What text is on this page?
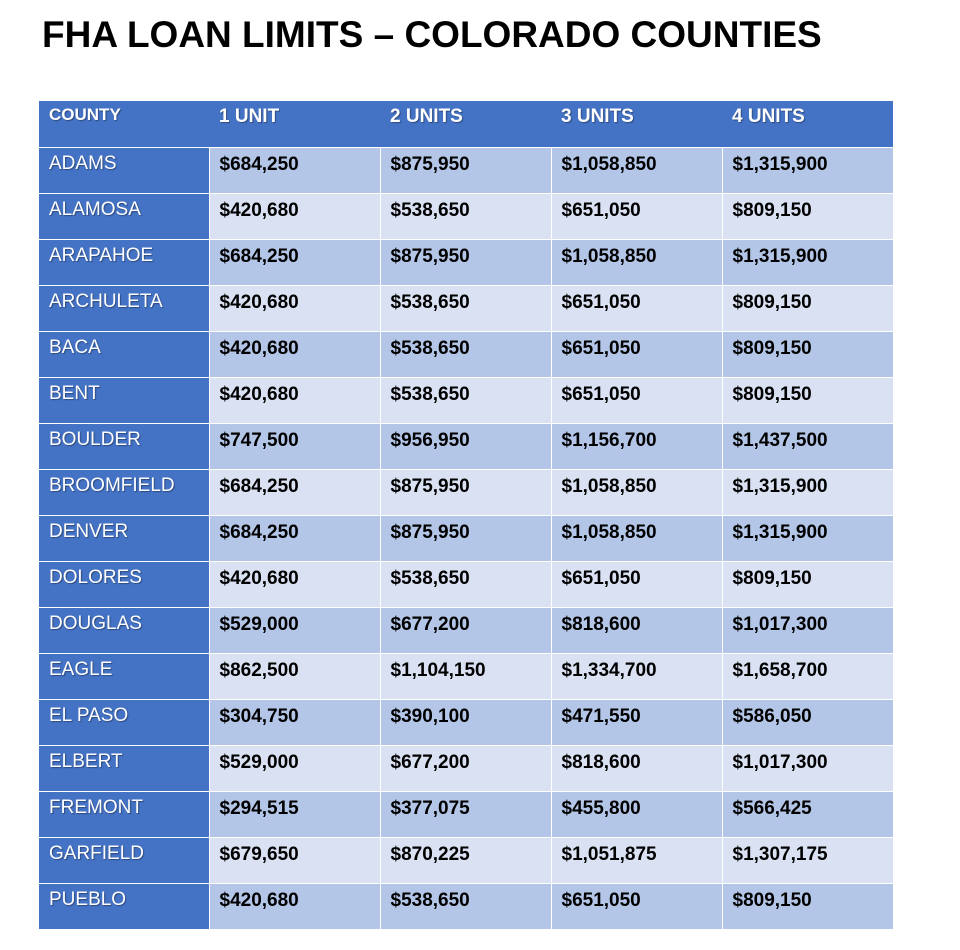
FHA LOAN LIMITS – COLORADO COUNTIES
COUNTY	1 UNIT	2 UNITS	3 UNITS	4 UNITS
ADAMS	$684,250	$875,950	$1,058,850	$1,315,900
ALAMOSA	$420,680	$538,650	$651,050	$809,150
ARAPAHOE	$684,250	$875,950	$1,058,850	$1,315,900
ARCHULETA	$420,680	$538,650	$651,050	$809,150
BACA	$420,680	$538,650	$651,050	$809,150
BENT	$420,680	$538,650	$651,050	$809,150
BOULDER	$747,500	$956,950	$1,156,700	$1,437,500
BROOMFIELD	$684,250	$875,950	$1,058,850	$1,315,900
DENVER	$684,250	$875,950	$1,058,850	$1,315,900
DOLORES	$420,680	$538,650	$651,050	$809,150
DOUGLAS	$529,000	$677,200	$818,600	$1,017,300
EAGLE	$862,500	$1,104,150	$1,334,700	$1,658,700
EL PASO	$304,750	$390,100	$471,550	$586,050
ELBERT	$529,000	$677,200	$818,600	$1,017,300
FREMONT	$294,515	$377,075	$455,800	$566,425
GARFIELD	$679,650	$870,225	$1,051,875	$1,307,175
PUEBLO	$420,680	$538,650	$651,050	$809,150
